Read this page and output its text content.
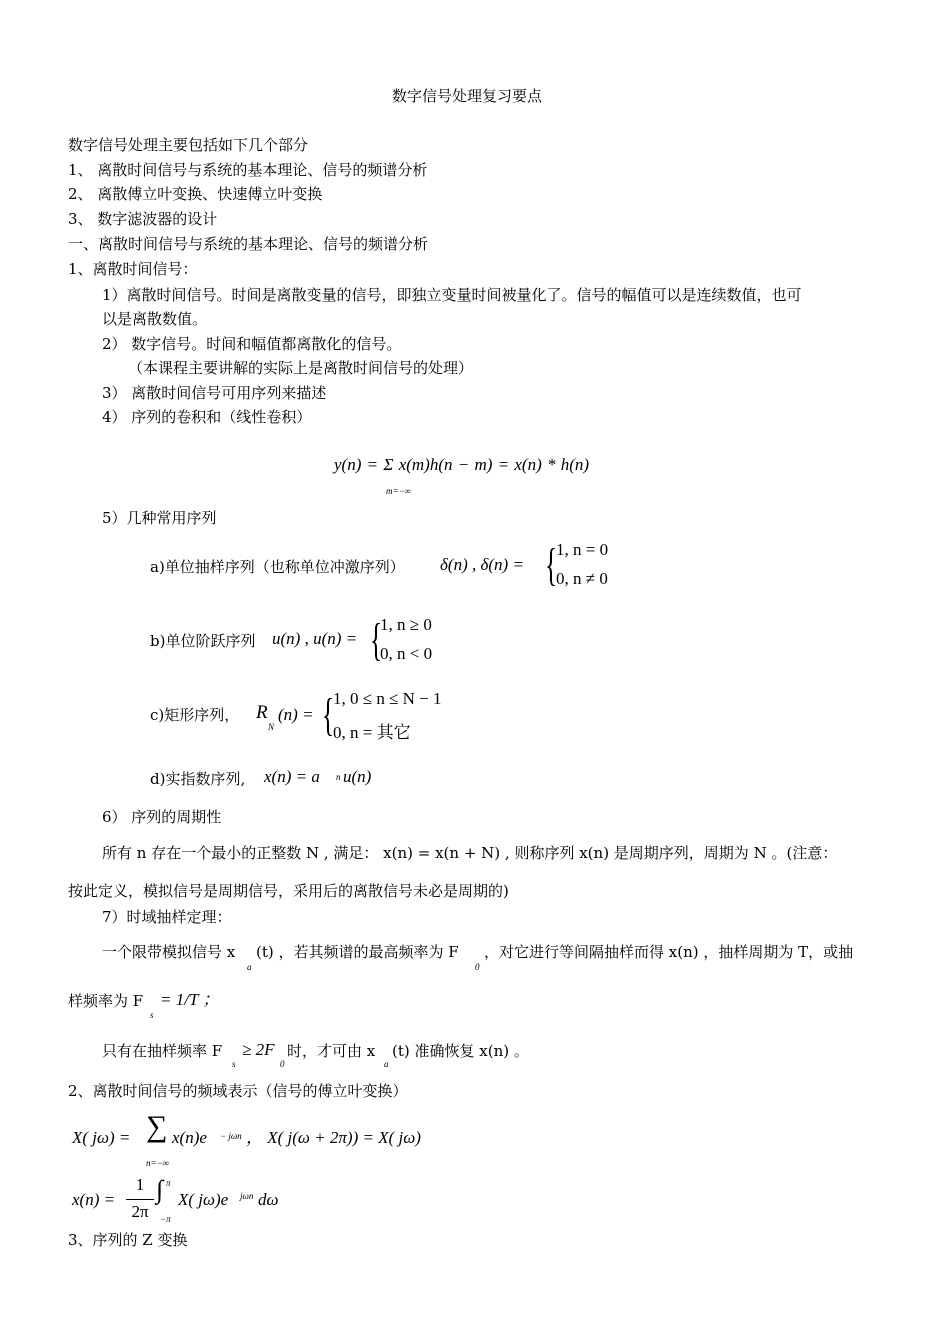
数字信号处理复习要点
数字信号处理主要包括如下几个部分
1、 离散时间信号与系统的基本理论、信号的频谱分析
2、 离散傅立叶变换、快速傅立叶变换
3、 数字滤波器的设计
一、离散时间信号与系统的基本理论、信号的频谱分析
1、离散时间信号：
1）离散时间信号。时间是离散变量的信号，即独立变量时间被量化了。信号的幅值可以是连续数值，也可
以是离散数值。
2） 数字信号。时间和幅值都离散化的信号。
（本课程主要讲解的实际上是离散时间信号的处理）
3） 离散时间信号可用序列来描述
4） 序列的卷积和（线性卷积）
y(n) = Σ x(m)h(n − m) = x(n) * h(n)
m=−∞
5）几种常用序列
a)单位抽样序列（也称单位冲激序列） δ(n) , δ(n) = {
1, n = 0
0, n ≠ 0
b)单位阶跃序列 u(n) , u(n) = {
1, n ≥ 0
0, n < 0
c)矩形序列， R
N
(n) = {
1, 0 ≤ n ≤ N − 1
0, n = 其它
d)实指数序列, x(n) = a n u(n)
6） 序列的周期性
所有 n 存在一个最小的正整数 N , 满足： x(n) = x(n + N) , 则称序列 x(n) 是周期序列，周期为 N 。(注意：
按此定义，模拟信号是周期信号，采用后的离散信号未必是周期的)
7）时域抽样定理：
一个限带模拟信号 x
a
(t) ，若其频谱的最高频率为 F
0
，对它进行等间隔抽样而得 x(n) ，抽样周期为 T，或抽
样频率为 F
s
= 1/T ；
只有在抽样频率 F
s
≥ 2F
0
时，才可由 x
a
(t) 准确恢复 x(n) 。
2、离散时间信号的频域表示（信号的傅立叶变换）
X( jω) = ∑ x(n)e − jωn ， X( j(ω + 2π)) = X( jω)
n=−∞
x(n) =
1
2π
∫ π
−π
X( jω)e jωn dω
3、序列的 Z 变换
